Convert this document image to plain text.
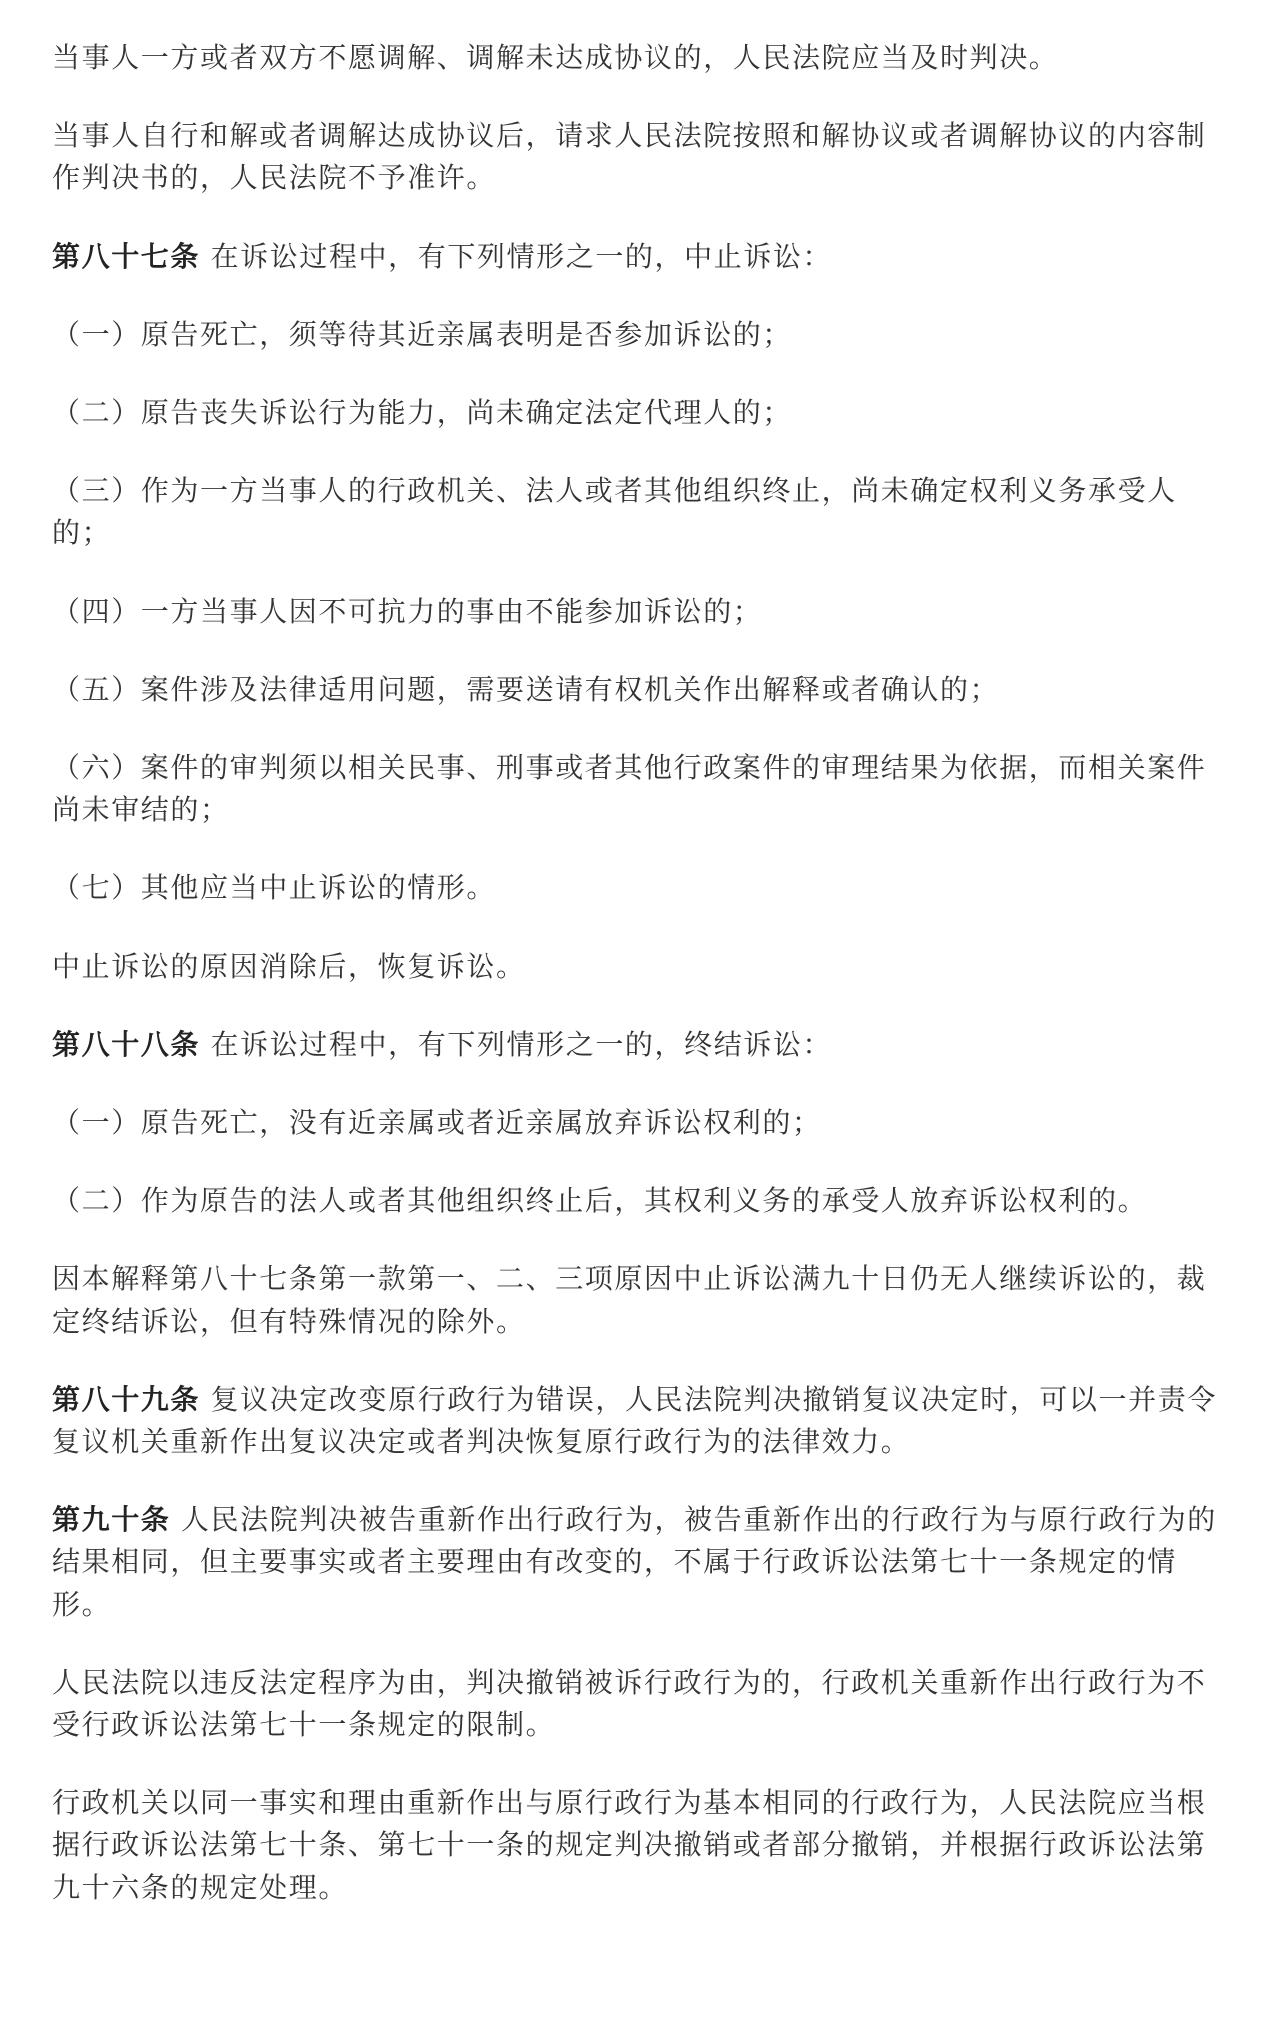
当事人一方或者双方不愿调解、调解未达成协议的，人民法院应当及时判决。

当事人自行和解或者调解达成协议后，请求人民法院按照和解协议或者调解协议的内容制
作判决书的，人民法院不予准许。

第八十七条 在诉讼过程中，有下列情形之一的，中止诉讼：

（一）原告死亡，须等待其近亲属表明是否参加诉讼的；

（二）原告丧失诉讼行为能力，尚未确定法定代理人的；

（三）作为一方当事人的行政机关、法人或者其他组织终止，尚未确定权利义务承受人
的；

（四）一方当事人因不可抗力的事由不能参加诉讼的；

（五）案件涉及法律适用问题，需要送请有权机关作出解释或者确认的；

（六）案件的审判须以相关民事、刑事或者其他行政案件的审理结果为依据，而相关案件
尚未审结的；

（七）其他应当中止诉讼的情形。

中止诉讼的原因消除后，恢复诉讼。

第八十八条 在诉讼过程中，有下列情形之一的，终结诉讼：

（一）原告死亡，没有近亲属或者近亲属放弃诉讼权利的；

（二）作为原告的法人或者其他组织终止后，其权利义务的承受人放弃诉讼权利的。

因本解释第八十七条第一款第一、二、三项原因中止诉讼满九十日仍无人继续诉讼的，裁
定终结诉讼，但有特殊情况的除外。

第八十九条 复议决定改变原行政行为错误，人民法院判决撤销复议决定时，可以一并责令
复议机关重新作出复议决定或者判决恢复原行政行为的法律效力。

第九十条 人民法院判决被告重新作出行政行为，被告重新作出的行政行为与原行政行为的
结果相同，但主要事实或者主要理由有改变的，不属于行政诉讼法第七十一条规定的情
形。

人民法院以违反法定程序为由，判决撤销被诉行政行为的，行政机关重新作出行政行为不
受行政诉讼法第七十一条规定的限制。

行政机关以同一事实和理由重新作出与原行政行为基本相同的行政行为，人民法院应当根
据行政诉讼法第七十条、第七十一条的规定判决撤销或者部分撤销，并根据行政诉讼法第
九十六条的规定处理。
